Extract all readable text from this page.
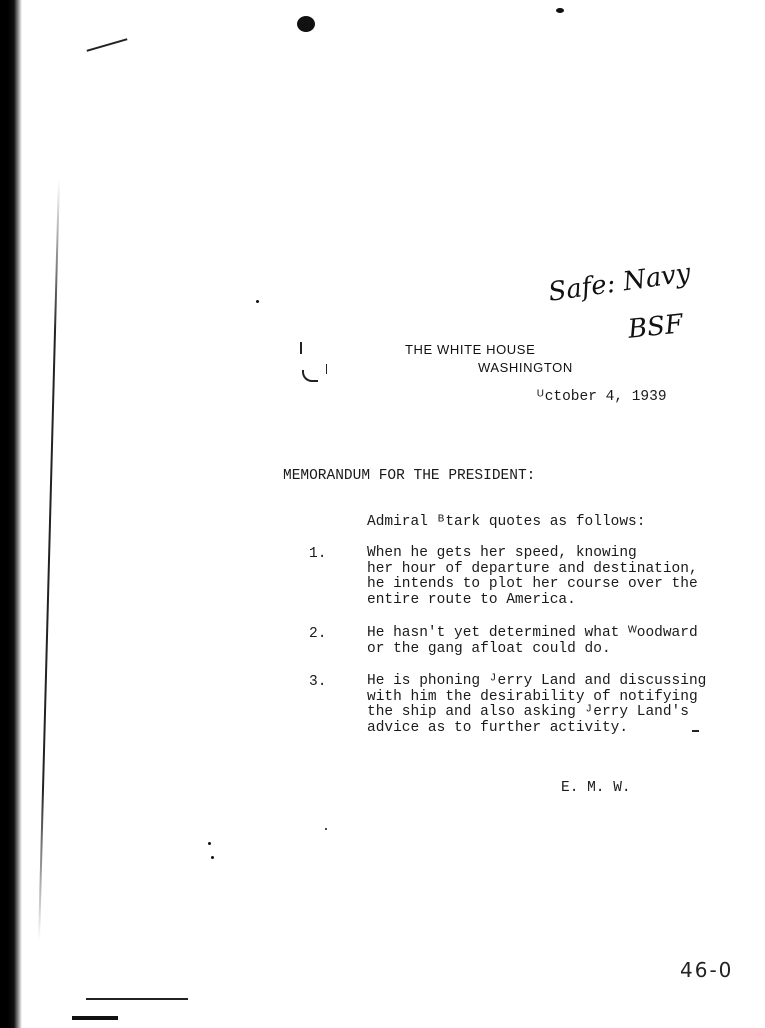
Safe: Navy
BSF
THE WHITE HOUSE
WASHINGTON
ᵁctober 4, 1939
MEMORANDUM FOR THE PRESIDENT:
Admiral ᴮtark quotes as follows:
1.	When he gets her speed, knowing
her hour of departure and destination,
he intends to plot her course over the
entire route to America.
2.	He hasn't yet determined what ᵂoodward
or the gang afloat could do.
3.	He is phoning ᴶerry Land and discussing
with him the desirability of notifying
the ship and also asking ᴶerry Land's
advice as to further activity.
E. M. W.
46-0
